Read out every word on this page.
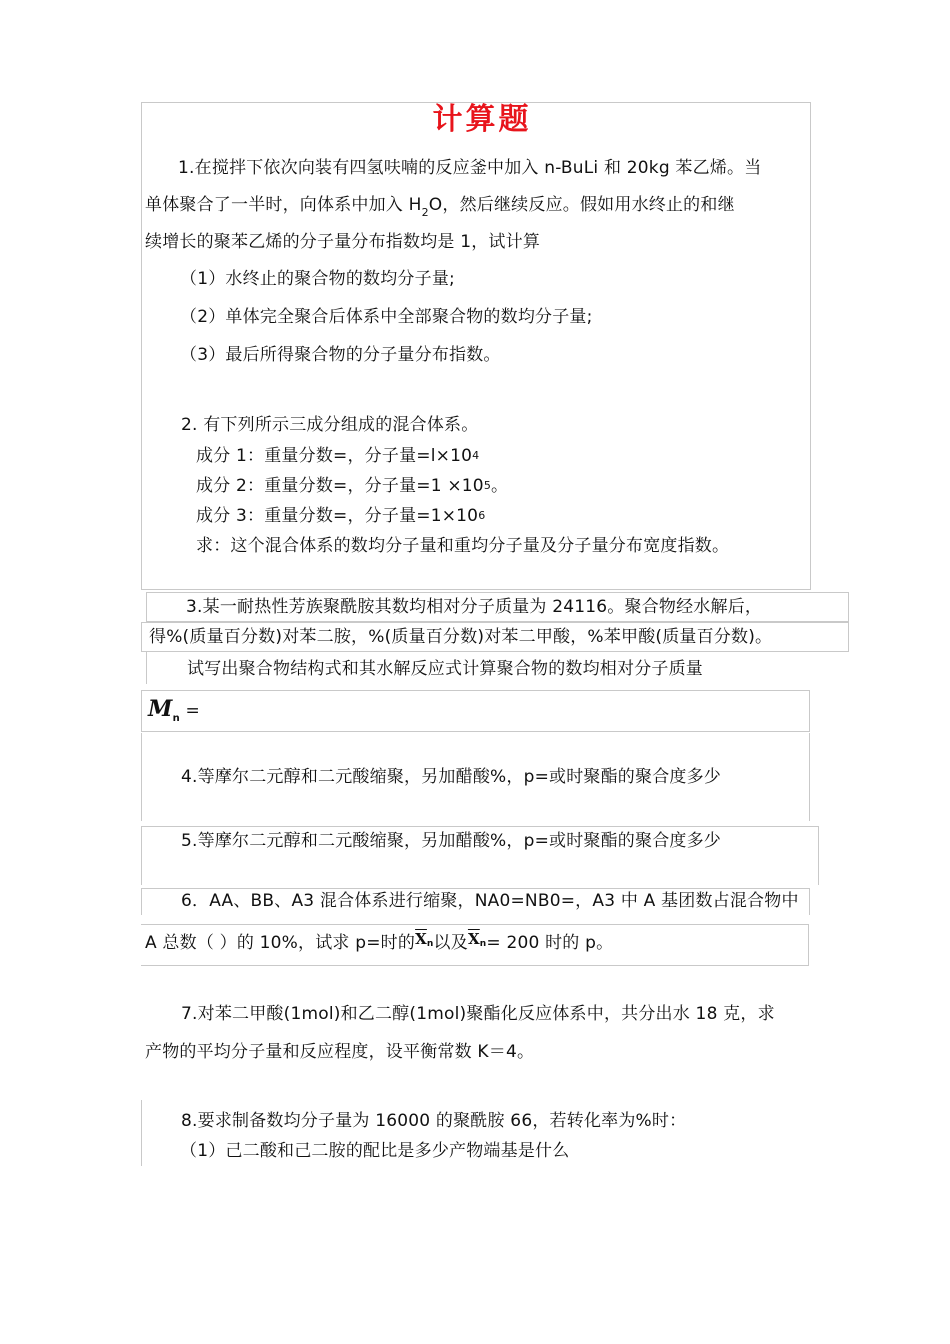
计算题
1.在搅拌下依次向装有四氢呋喃的反应釜中加入 n-BuLi 和 20kg 苯乙烯。当
单体聚合了一半时，向体系中加入 $H_2O$，然后继续反应。假如用水终止的和继
续增长的聚苯乙烯的分子量分布指数均是 1，试计算
（1）水终止的聚合物的数均分子量;
（2）单体完全聚合后体系中全部聚合物的数均分子量;
（3）最后所得聚合物的分子量分布指数。
2. 有下列所示三成分组成的混合体系。
成分 1：重量分数=，分子量=l×104
成分 2：重量分数=，分子量=1 ×105。
成分 3：重量分数=，分子量=1×106
求：这个混合体系的数均分子量和重均分子量及分子量分布宽度指数。
3.某一耐热性芳族聚酰胺其数均相对分子质量为 24116。聚合物经水解后，
得%(质量百分数)对苯二胺，%(质量百分数)对苯二甲酸，%苯甲酸(质量百分数)。
试写出聚合物结构式和其水解反应式计算聚合物的数均相对分子质量
$M_n$ =
4.等摩尔二元醇和二元酸缩聚，另加醋酸%，p=或时聚酯的聚合度多少
5.等摩尔二元醇和二元酸缩聚，另加醋酸%，p=或时聚酯的聚合度多少
6．AA、BB、A3 混合体系进行缩聚，NA0=NB0=，A3 中 A 基团数占混合物中
A 总数（ ）的 10%，试求 p=时的$\overline{X}n$以及$\overline{X}n= 200$ 时的 p。
7.对苯二甲酸(1mol)和乙二醇(1mol)聚酯化反应体系中，共分出水 18 克，求
产物的平均分子量和反应程度，设平衡常数 K＝4。
8.要求制备数均分子量为 16000 的聚酰胺 66，若转化率为%时：
（1）己二酸和己二胺的配比是多少产物端基是什么
